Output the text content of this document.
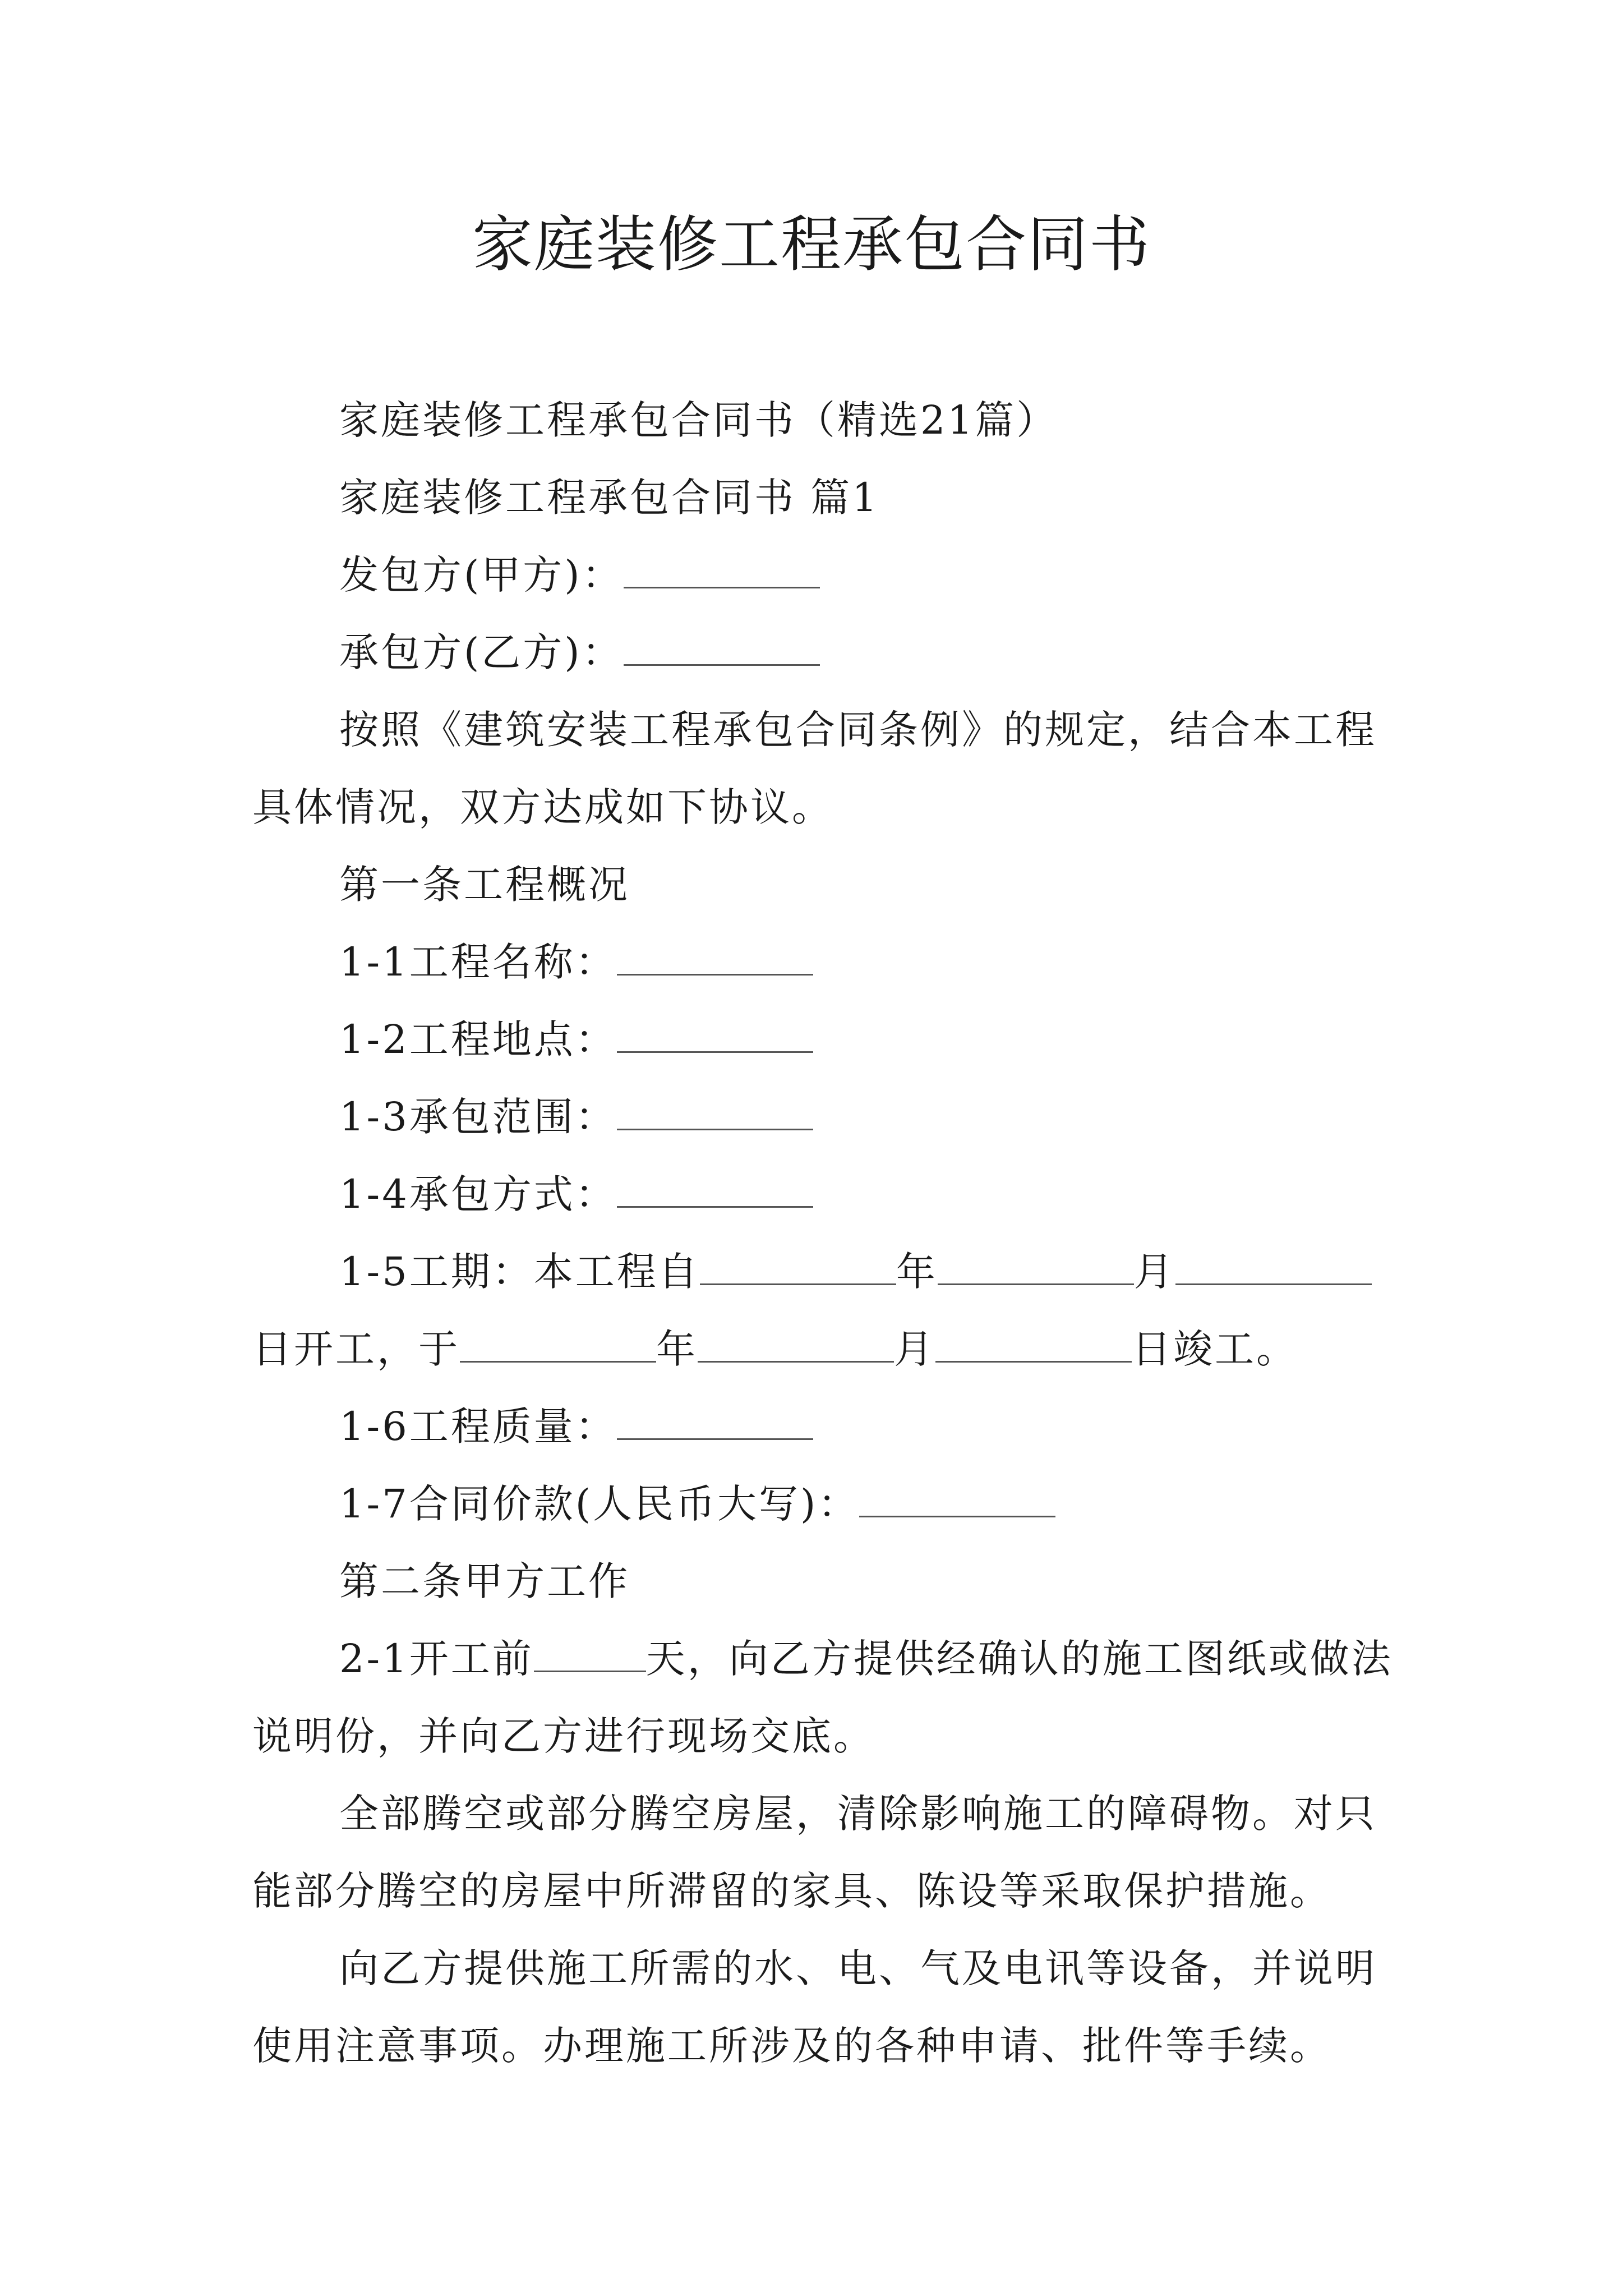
家庭装修工程承包合同书

家庭装修工程承包合同书（精选21篇）

家庭装修工程承包合同书 篇1

发包方(甲方)：

承包方(乙方)：

按照《建筑安装工程承包合同条例》的规定，结合本工程具体情况，双方达成如下协议。

第一条工程概况

1-1工程名称：

1-2工程地点：

1-3承包范围：

1-4承包方式：

1-5工期：本工程自	年	月日开工，于	年	月	日竣工。

1-6工程质量：

1-7合同价款(人民币大写)：

第二条甲方工作

2-1开工前	天，向乙方提供经确认的施工图纸或做法说明份，并向乙方进行现场交底。

全部腾空或部分腾空房屋，清除影响施工的障碍物。对只能部分腾空的房屋中所滞留的家具、陈设等采取保护措施。

向乙方提供施工所需的水、电、气及电讯等设备，并说明使用注意事项。办理施工所涉及的各种申请、批件等手续。
